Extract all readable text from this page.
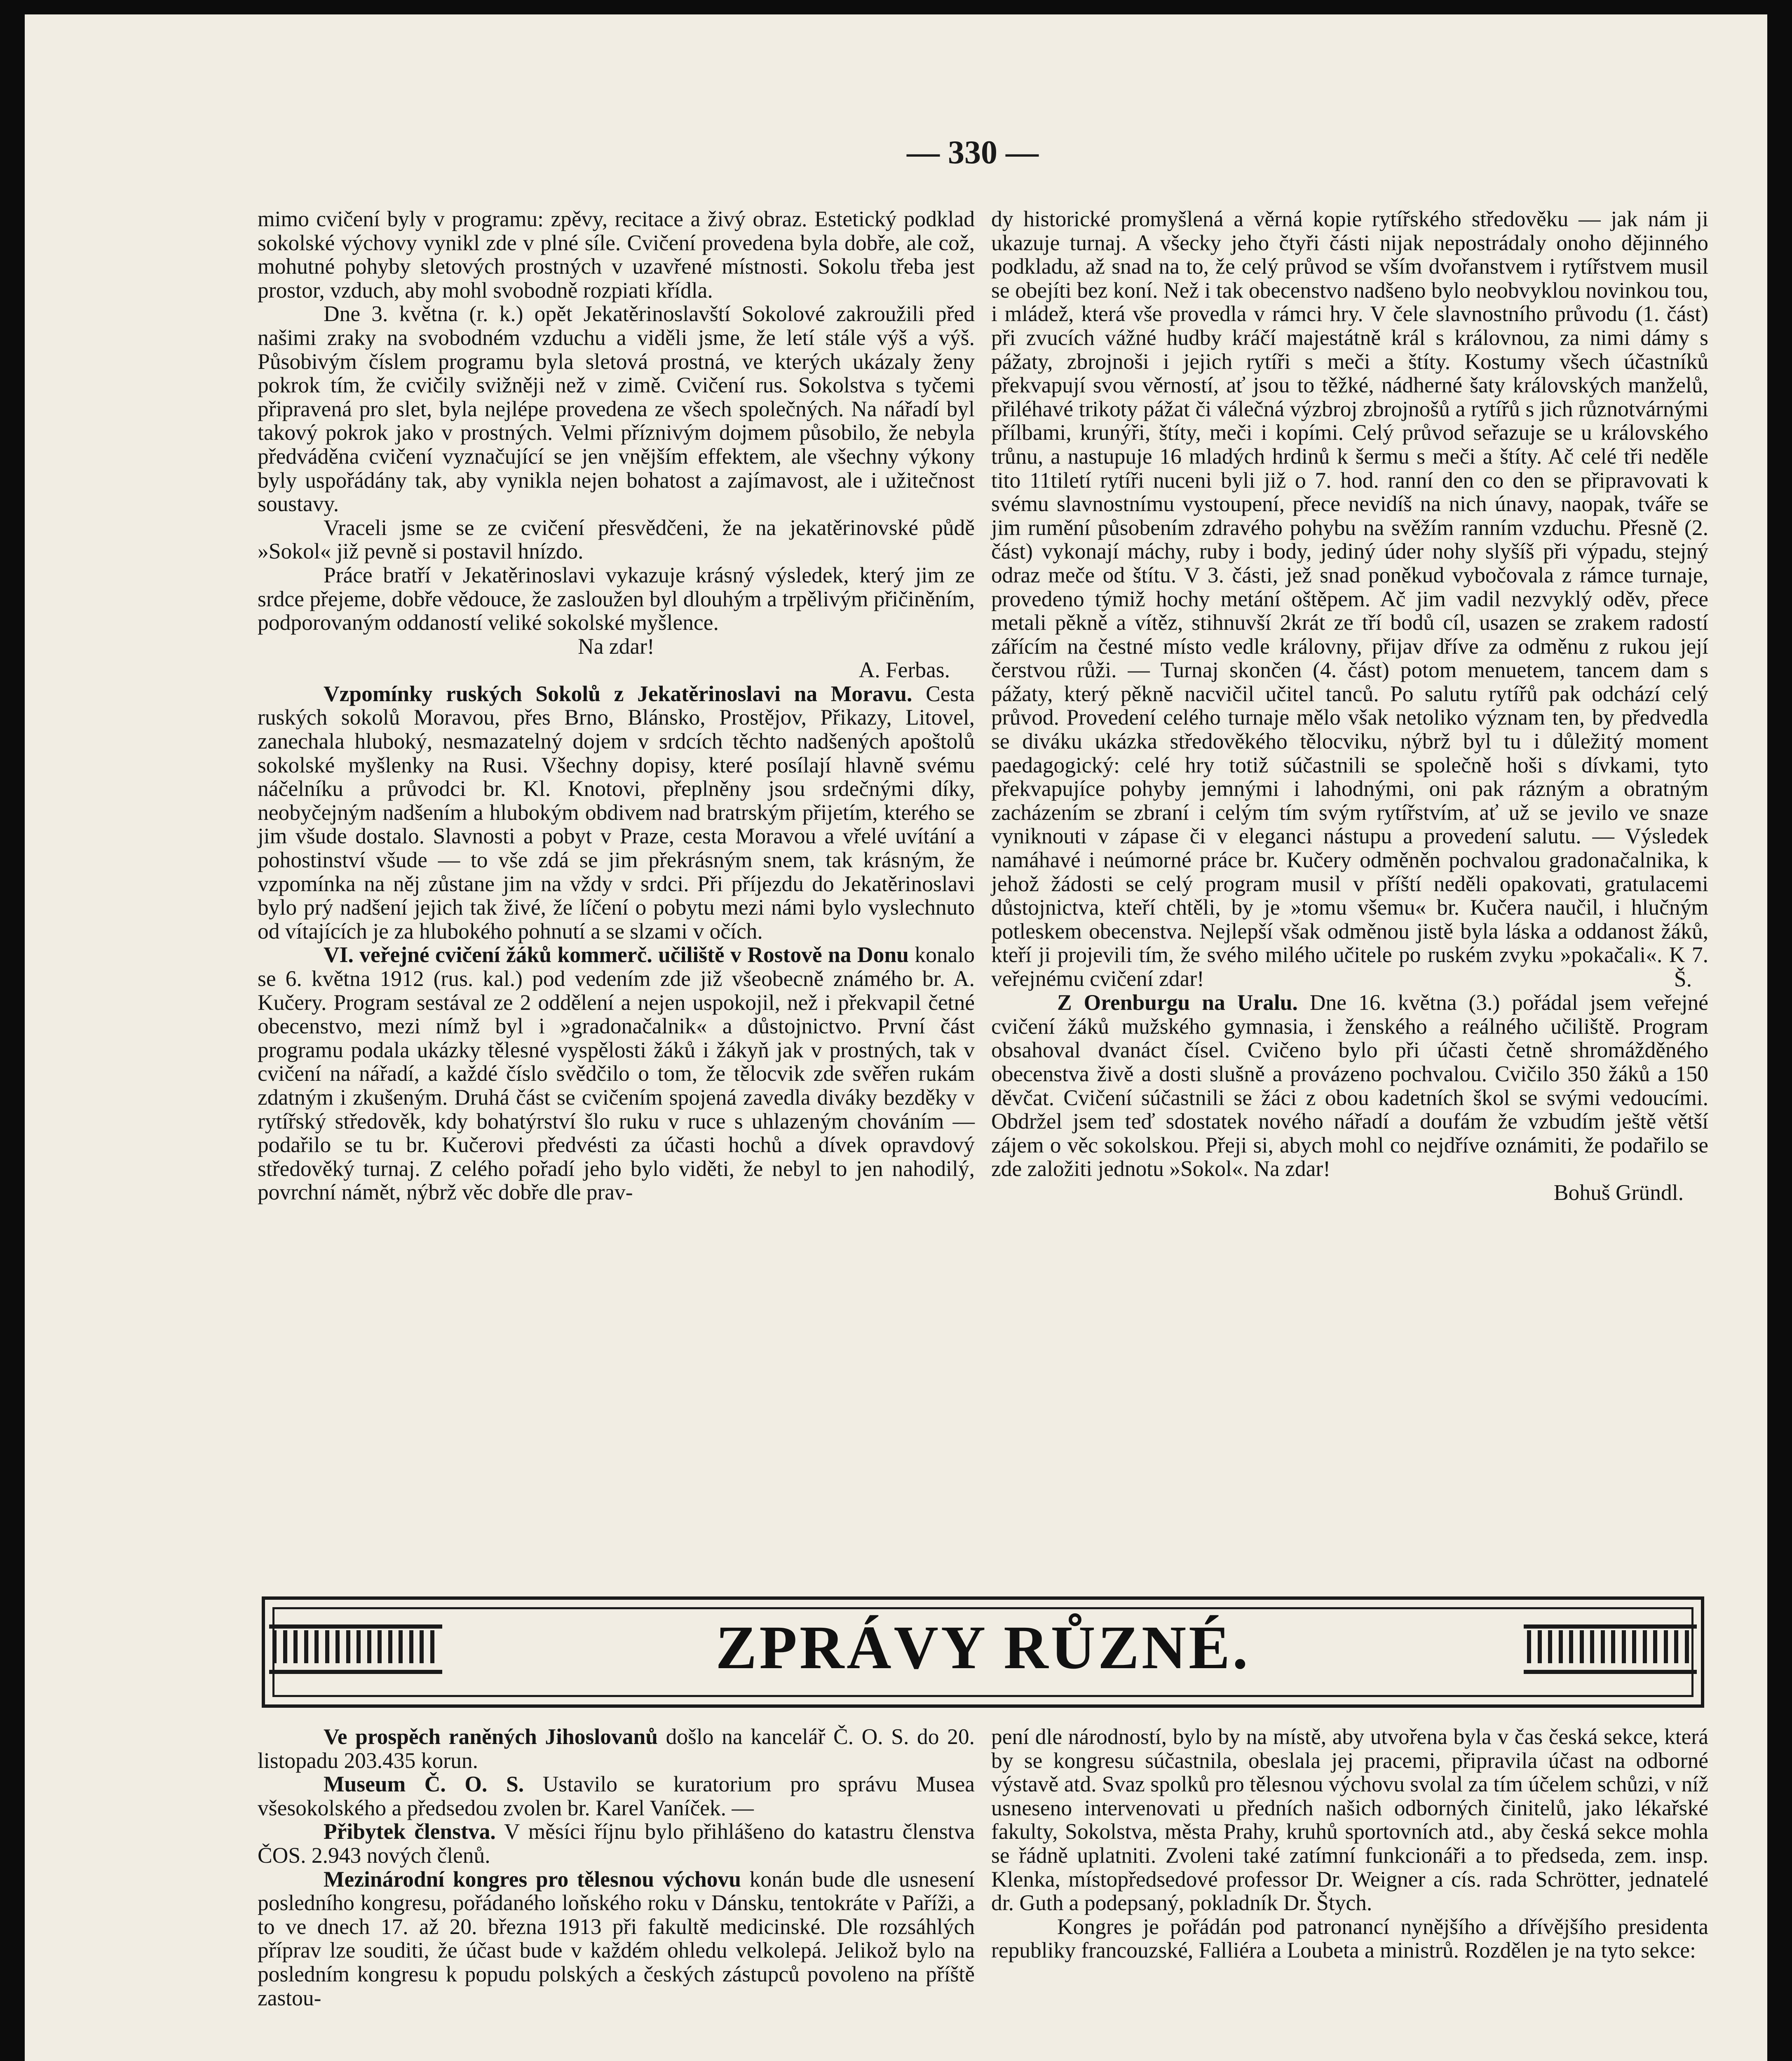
— 330 —

mimo cvičení byly v programu: zpěvy, recitace a živý obraz. Estetický podklad sokolské výchovy vynikl zde v plné síle. Cvičení provedena byla dobře, ale což, mohutné pohyby sletových prostných v uzavřené místnosti. Sokolu třeba jest prostor, vzduch, aby mohl svobodně rozpiati křídla.

Dne 3. května (r. k.) opět Jekatěrinoslavští Sokolové zakroužili před našimi zraky na svobodném vzduchu a viděli jsme, že letí stále výš a výš. Působivým číslem programu byla sletová prostná, ve kterých ukázaly ženy pokrok tím, že cvičily svižněji než v zimě. Cvičení rus. Sokolstva s tyčemi připravená pro slet, byla nejlépe provedena ze všech společných. Na nářadí byl takový pokrok jako v prostných. Velmi příznivým dojmem působilo, že nebyla předváděna cvičení vyznačující se jen vnějším effektem, ale všechny výkony byly uspořádány tak, aby vynikla nejen bohatost a zajímavost, ale i užitečnost soustavy.

Vraceli jsme se ze cvičení přesvědčeni, že na jekatěrinovské půdě »Sokol« již pevně si postavil hnízdo.

Práce bratří v Jekatěrinoslavi vykazuje krásný výsledek, který jim ze srdce přejeme, dobře vědouce, že zasloužen byl dlouhým a trpělivým přičiněním, podporovaným oddaností veliké sokolské myšlence.

Na zdar!

A. Ferbas.

Vzpomínky ruských Sokolů z Jekatěrinoslavi na Moravu. Cesta ruských sokolů Moravou, přes Brno, Blánsko, Prostějov, Přikazy, Litovel, zanechala hluboký, nesmazatelný dojem v srdcích těchto nadšených apoštolů sokolské myšlenky na Rusi. Všechny dopisy, které posílají hlavně svému náčelníku a průvodci br. Kl. Knotovi, přeplněny jsou srdečnými díky, neobyčejným nadšením a hlubokým obdivem nad bratrským přijetím, kterého se jim všude dostalo. Slavnosti a pobyt v Praze, cesta Moravou a vřelé uvítání a pohostinství všude — to vše zdá se jim překrásným snem, tak krásným, že vzpomínka na něj zůstane jim na vždy v srdci. Při příjezdu do Jekatěrinoslavi bylo prý nadšení jejich tak živé, že líčení o pobytu mezi námi bylo vyslechnuto od vítajících je za hlubokého pohnutí a se slzami v očích.

VI. veřejné cvičení žáků kommerč. učiliště v Rostově na Donu konalo se 6. května 1912 (rus. kal.) pod vedením zde již všeobecně známého br. A. Kučery. Program sestával ze 2 oddělení a nejen uspokojil, než i překvapil četné obecenstvo, mezi nímž byl i »gradonačalnik« a důstojnictvo. První část programu podala ukázky tělesné vyspělosti žáků i žákyň jak v prostných, tak v cvičení na nářadí, a každé číslo svědčilo o tom, že tělocvik zde svěřen rukám zdatným i zkušeným. Druhá část se cvičením spojená zavedla diváky bezděky v rytířský středověk, kdy bohatýrství šlo ruku v ruce s uhlazeným chováním — podařilo se tu br. Kučerovi předvésti za účasti hochů a dívek opravdový středověký turnaj. Z celého pořadí jeho bylo viděti, že nebyl to jen nahodilý, povrchní námět, nýbrž věc dobře dle prav-

dy historické promyšlená a věrná kopie rytířského středověku — jak nám ji ukazuje turnaj. A všecky jeho čtyři části nijak nepostrádaly onoho dějinného podkladu, až snad na to, že celý průvod se vším dvořanstvem i rytířstvem musil se obejíti bez koní. Než i tak obecenstvo nadšeno bylo neobvyklou novinkou tou, i mládež, která vše provedla v rámci hry. V čele slavnostního průvodu (1. část) při zvucích vážné hudby kráčí majestátně král s královnou, za nimi dámy s pážaty, zbrojnoši i jejich rytíři s meči a štíty. Kostumy všech účastníků překvapují svou věrností, ať jsou to těžké, nádherné šaty královských manželů, přiléhavé trikoty pážat či válečná výzbroj zbrojnošů a rytířů s jich různotvárnými přílbami, krunýři, štíty, meči i kopími. Celý průvod seřazuje se u královského trůnu, a nastupuje 16 mladých hrdinů k šermu s meči a štíty. Ač celé tři neděle tito 11tiletí rytíři nuceni byli již o 7. hod. ranní den co den se připravovati k svému slavnostnímu vystoupení, přece nevidíš na nich únavy, naopak, tváře se jim rumění působením zdravého pohybu na svěžím ranním vzduchu. Přesně (2. část) vykonají máchy, ruby i body, jediný úder nohy slyšíš při výpadu, stejný odraz meče od štítu. V 3. části, jež snad poněkud vybočovala z rámce turnaje, provedeno týmiž hochy metání oštěpem. Ač jim vadil nezvyklý oděv, přece metali pěkně a vítěz, stihnuvší 2krát ze tří bodů cíl, usazen se zrakem radostí zářícím na čestné místo vedle královny, přijav dříve za odměnu z rukou její čerstvou růži. — Turnaj skončen (4. část) potom menuetem, tancem dam s pážaty, který pěkně nacvičil učitel tanců. Po salutu rytířů pak odchází celý průvod. Provedení celého turnaje mělo však netoliko význam ten, by předvedla se diváku ukázka středověkého tělocviku, nýbrž byl tu i důležitý moment paedagogický: celé hry totiž súčastnili se společně hoši s dívkami, tyto překvapujíce pohyby jemnými i lahodnými, oni pak rázným a obratným zacházením se zbraní i celým tím svým rytířstvím, ať už se jevilo ve snaze vyniknouti v zápase či v eleganci nástupu a provedení salutu. — Výsledek namáhavé i neúmorné práce br. Kučery odměněn pochvalou gradonačalnika, k jehož žádosti se celý program musil v příští neděli opakovati, gratulacemi důstojnictva, kteří chtěli, by je »tomu všemu« br. Kučera naučil, i hlučným potleskem obecenstva. Nejlepší však odměnou jistě byla láska a oddanost žáků, kteří ji projevili tím, že svého milého učitele po ruském zvyku »pokačali«. K 7. veřejnému cvičení zdar!	Š.

Z Orenburgu na Uralu. Dne 16. května (3.) pořádal jsem veřejné cvičení žáků mužského gymnasia, i ženského a reálného učiliště. Program obsahoval dvanáct čísel. Cvičeno bylo při účasti četně shromážděného obecenstva živě a dosti slušně a provázeno pochvalou. Cvičilo 350 žáků a 150 děvčat. Cvičení súčastnili se žáci z obou kadetních škol se svými vedoucími. Obdržel jsem teď sdostatek nového nářadí a doufám že vzbudím ještě větší zájem o věc sokolskou. Přeji si, abych mohl co nejdříve oznámiti, že podařilo se zde založiti jednotu »Sokol«. Na zdar!

Bohuš Gründl.

ZPRÁVY RŮZNÉ.

Ve prospěch raněných Jihoslovanů došlo na kancelář Č. O. S. do 20. listopadu 203.435 korun.

Museum Č. O. S. Ustavilo se kuratorium pro správu Musea všesokolského a předsedou zvolen br. Karel Vaníček. —

Přibytek členstva. V měsíci říjnu bylo přihlášeno do katastru členstva ČOS. 2.943 nových členů.

Mezinárodní kongres pro tělesnou výchovu konán bude dle usnesení posledního kongresu, pořádaného loňského roku v Dánsku, tentokráte v Paříži, a to ve dnech 17. až 20. března 1913 při fakultě medicinské. Dle rozsáhlých příprav lze souditi, že účast bude v každém ohledu velkolepá. Jelikož bylo na posledním kongresu k popudu polských a českých zástupců povoleno na příště zastou-

pení dle národností, bylo by na místě, aby utvořena byla v čas česká sekce, která by se kongresu súčastnila, obeslala jej pracemi, připravila účast na odborné výstavě atd. Svaz spolků pro tělesnou výchovu svolal za tím účelem schůzi, v níž usneseno intervenovati u předních našich odborných činitelů, jako lékařské fakulty, Sokolstva, města Prahy, kruhů sportovních atd., aby česká sekce mohla se řádně uplatniti. Zvoleni také zatímní funkcionáři a to předseda, zem. insp. Klenka, místopředsedové professor Dr. Weigner a cís. rada Schrötter, jednatelé dr. Guth a podepsaný, pokladník Dr. Štych.

Kongres je pořádán pod patronancí nynějšího a dřívějšího presidenta republiky francouzské, Falliéra a Loubeta a ministrů. Rozdělen je na tyto sekce:
